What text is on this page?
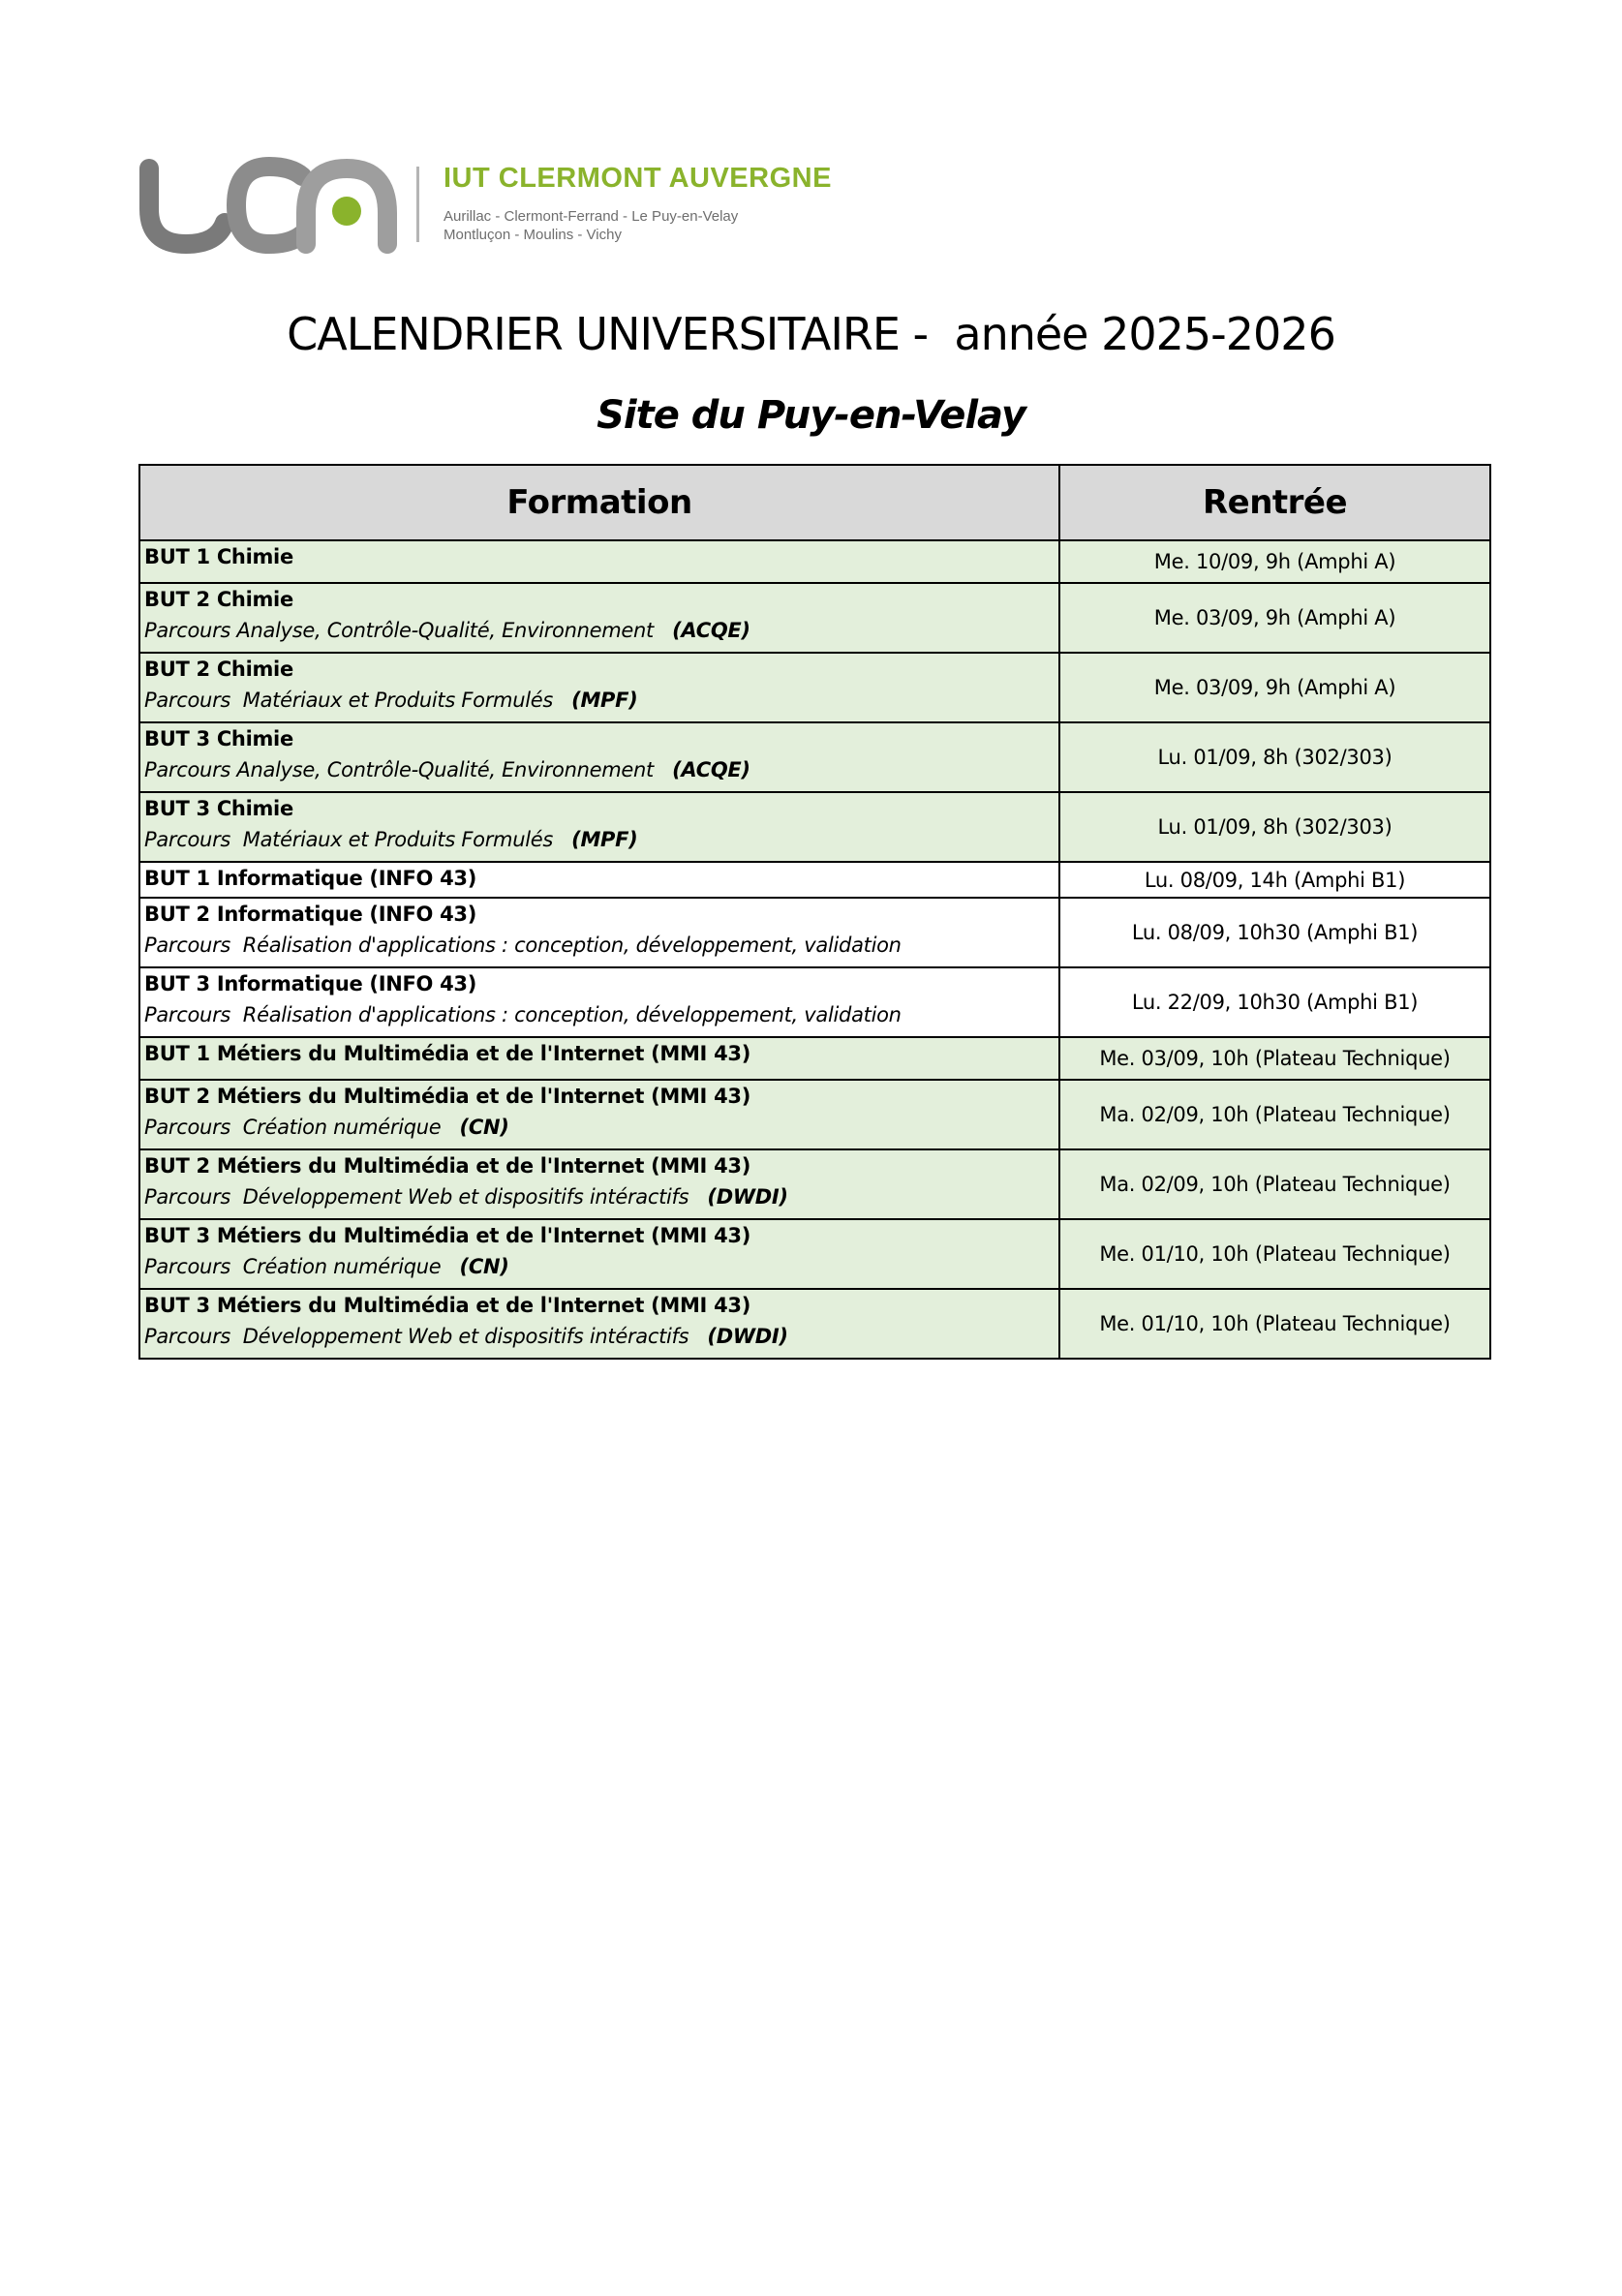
IUT CLERMONT AUVERGNE
Aurillac - Clermont-Ferrand - Le Puy-en-Velay
Montluçon - Moulins - Vichy
CALENDRIER UNIVERSITAIRE -  année 2025-2026
Site du Puy-en-Velay
Formation	Rentrée

BUT 1 Chimie	Me. 10/09, 9h (Amphi A)

BUT 2 Chimie
Parcours Analyse, Contrôle-Qualité, Environnement   (ACQE)	Me. 03/09, 9h (Amphi A)

BUT 2 Chimie
Parcours  Matériaux et Produits Formulés   (MPF)	Me. 03/09, 9h (Amphi A)

BUT 3 Chimie
Parcours Analyse, Contrôle-Qualité, Environnement   (ACQE)	Lu. 01/09, 8h (302/303)

BUT 3 Chimie
Parcours  Matériaux et Produits Formulés   (MPF)	Lu. 01/09, 8h (302/303)

BUT 1 Informatique (INFO 43)	Lu. 08/09, 14h (Amphi B1)

BUT 2 Informatique (INFO 43)
Parcours  Réalisation d'applications : conception, développement, validation	Lu. 08/09, 10h30 (Amphi B1)

BUT 3 Informatique (INFO 43)
Parcours  Réalisation d'applications : conception, développement, validation	Lu. 22/09, 10h30 (Amphi B1)

BUT 1 Métiers du Multimédia et de l'Internet (MMI 43)	Me. 03/09, 10h (Plateau Technique)

BUT 2 Métiers du Multimédia et de l'Internet (MMI 43)
Parcours  Création numérique   (CN)	Ma. 02/09, 10h (Plateau Technique)

BUT 2 Métiers du Multimédia et de l'Internet (MMI 43)
Parcours  Développement Web et dispositifs intéractifs   (DWDI)	Ma. 02/09, 10h (Plateau Technique)

BUT 3 Métiers du Multimédia et de l'Internet (MMI 43)
Parcours  Création numérique   (CN)	Me. 01/10, 10h (Plateau Technique)

BUT 3 Métiers du Multimédia et de l'Internet (MMI 43)
Parcours  Développement Web et dispositifs intéractifs   (DWDI)	Me. 01/10, 10h (Plateau Technique)
